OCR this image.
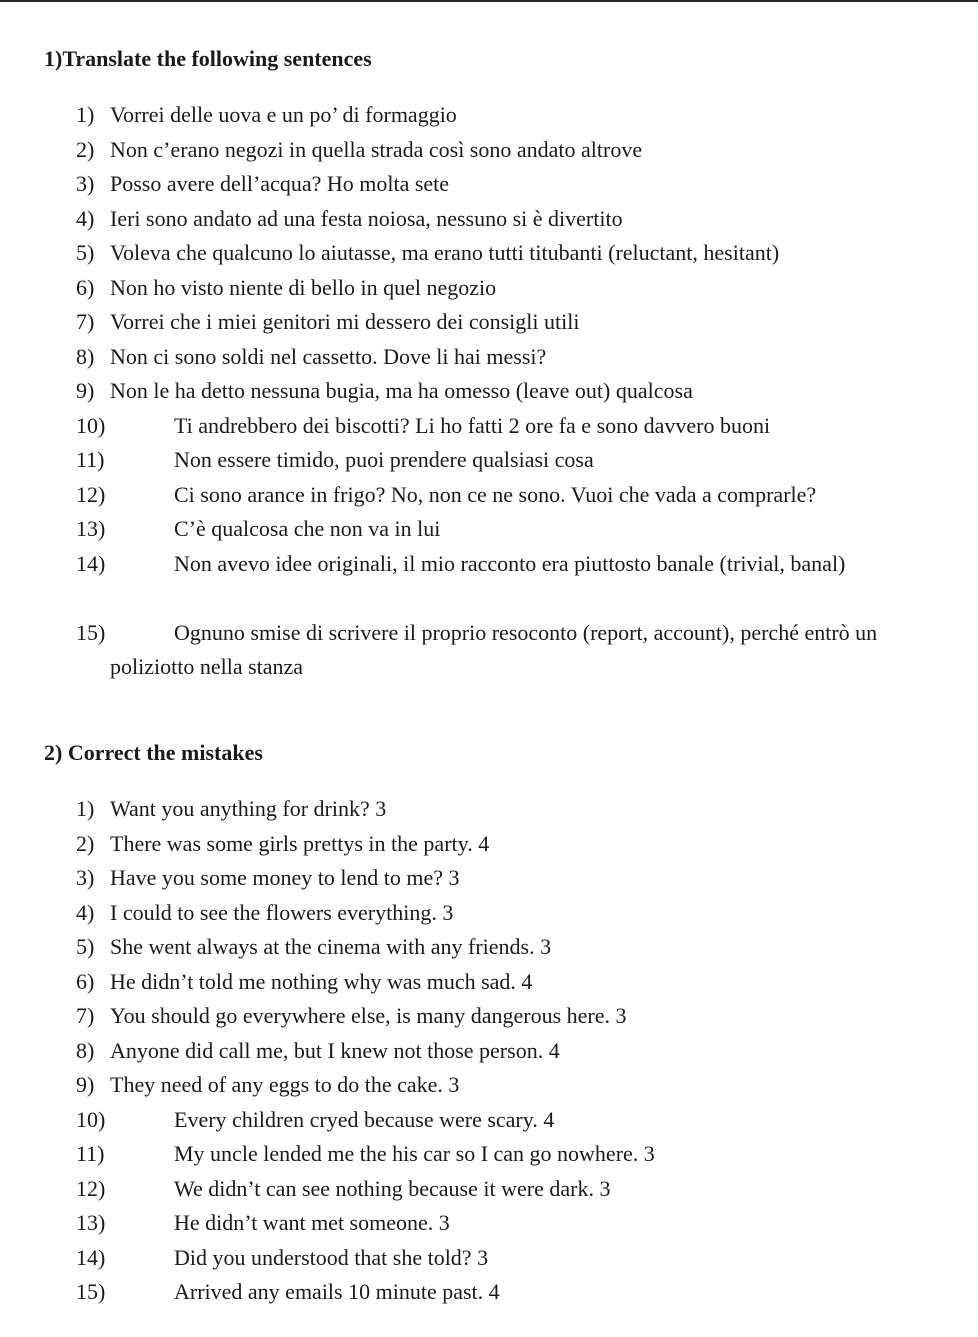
1)Translate the following sentences
1) Vorrei delle uova e un po’ di formaggio
2) Non c’erano negozi in quella strada così sono andato altrove
3) Posso avere dell’acqua? Ho molta sete
4) Ieri sono andato ad una festa noiosa, nessuno si è divertito
5) Voleva che qualcuno lo aiutasse, ma erano tutti titubanti (reluctant, hesitant)
6) Non ho visto niente di bello in quel negozio
7) Vorrei che i miei genitori mi dessero dei consigli utili
8) Non ci sono soldi nel cassetto. Dove li hai messi?
9) Non le ha detto nessuna bugia, ma ha omesso (leave out) qualcosa
10)	Ti andrebbero dei biscotti? Li ho fatti 2 ore fa e sono davvero buoni
11)	Non essere timido, puoi prendere qualsiasi cosa
12)	Ci sono arance in frigo? No, non ce ne sono. Vuoi che vada a comprarle?
13)	C’è qualcosa che non va in lui
14)	Non avevo idee originali, il mio racconto era piuttosto banale (trivial, banal)
15)	Ognuno smise di scrivere il proprio resoconto (report, account), perché entrò un poliziotto nella stanza
2) Correct the mistakes
1) Want you anything for drink? 3
2) There was some girls prettys in the party. 4
3) Have you some money to lend to me? 3
4) I could to see the flowers everything. 3
5) She went always at the cinema with any friends. 3
6) He didn’t told me nothing why was much sad. 4
7) You should go everywhere else, is many dangerous here. 3
8) Anyone did call me, but I knew not those person. 4
9) They need of any eggs to do the cake. 3
10)	Every children cryed because were scary. 4
11)	My uncle lended me the his car so I can go nowhere. 3
12)	We didn’t can see nothing because it were dark. 3
13)	He didn’t want met someone. 3
14)	Did you understood that she told? 3
15)	Arrived any emails 10 minute past. 4
